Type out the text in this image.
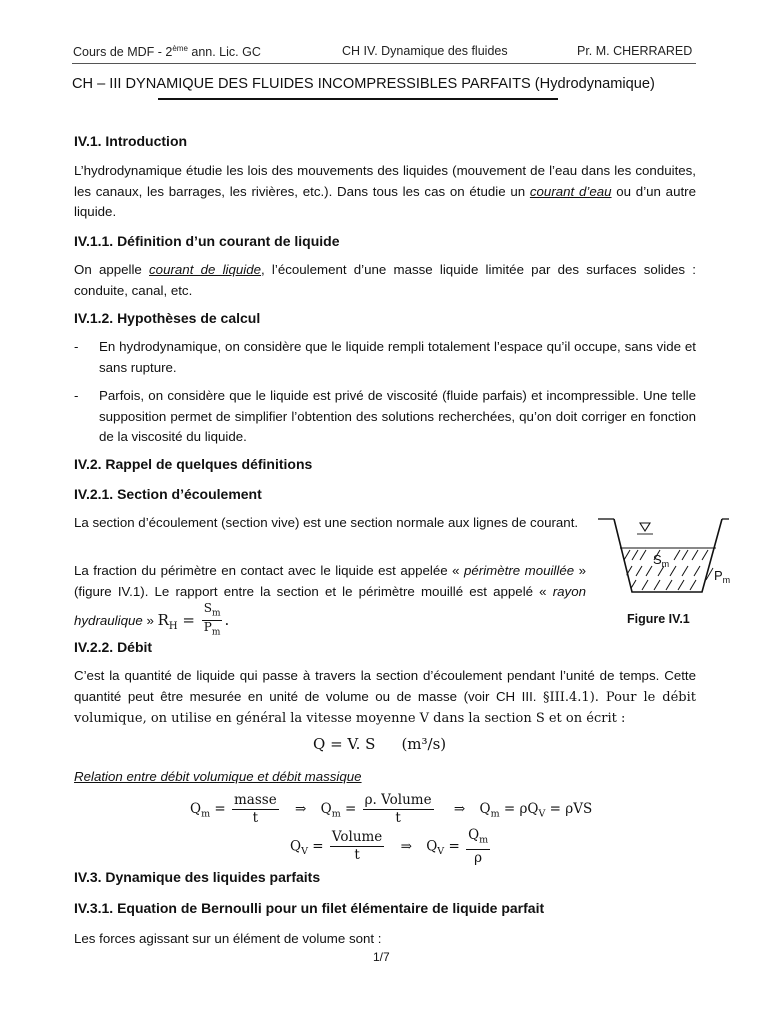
Cours de MDF - 2ème ann. Lic. GC	CH IV. Dynamique des fluides	Pr. M. CHERRARED
CH – III DYNAMIQUE DES FLUIDES INCOMPRESSIBLES PARFAITS (Hydrodynamique)
IV.1. Introduction
L’hydrodynamique étudie les lois des mouvements des liquides (mouvement de l’eau dans les conduites, les canaux, les barrages, les rivières, etc.). Dans tous les cas on étudie un courant d’eau ou d’un autre liquide.
IV.1.1. Définition d’un courant de liquide
On appelle courant de liquide, l’écoulement d’une masse liquide limitée par des surfaces solides : conduite, canal, etc.
IV.1.2. Hypothèses de calcul
- En hydrodynamique, on considère que le liquide rempli totalement l’espace qu’il occupe, sans vide et sans rupture.
- Parfois, on considère que le liquide est privé de viscosité (fluide parfais) et incompressible. Une telle supposition permet de simplifier l’obtention des solutions recherchées, qu’on doit corriger en fonction de la viscosité du liquide.
IV.2. Rappel de quelques définitions
IV.2.1. Section d’écoulement
La section d’écoulement (section vive) est une section normale aux lignes de courant.
La fraction du périmètre en contact avec le liquide est appelée « périmètre mouillée » (figure IV.1). Le rapport entre la section et le périmètre mouillé est appelé « rayon hydraulique » $R_H = \frac{S_m}{P_m}$ .
$S_m$
$P_m$
Figure IV.1
IV.2.2. Débit
C’est la quantité de liquide qui passe à travers la section d’écoulement pendant l’unité de temps. Cette quantité peut être mesurée en unité de volume ou de masse (voir CH III. §III.4.1). Pour le débit volumique, on utilise en général la vitesse moyenne V dans la section S et on écrit :
Q = V. S (m³/s)
Relation entre débit volumique et débit massique
$Q_m = \frac{\text{masse}}{t}$ ⇒ $Q_m = \frac{\text{ρ. Volume}}{t}$ ⇒ $Q_m = \rho Q_V = \rho VS$
$Q_V = \frac{\text{Volume}}{t}$ ⇒ $Q_V = \frac{Q_m}{\rho}$
IV.3. Dynamique des liquides parfaits
IV.3.1. Equation de Bernoulli pour un filet élémentaire de liquide parfait
Les forces agissant sur un élément de volume sont :
1/7
